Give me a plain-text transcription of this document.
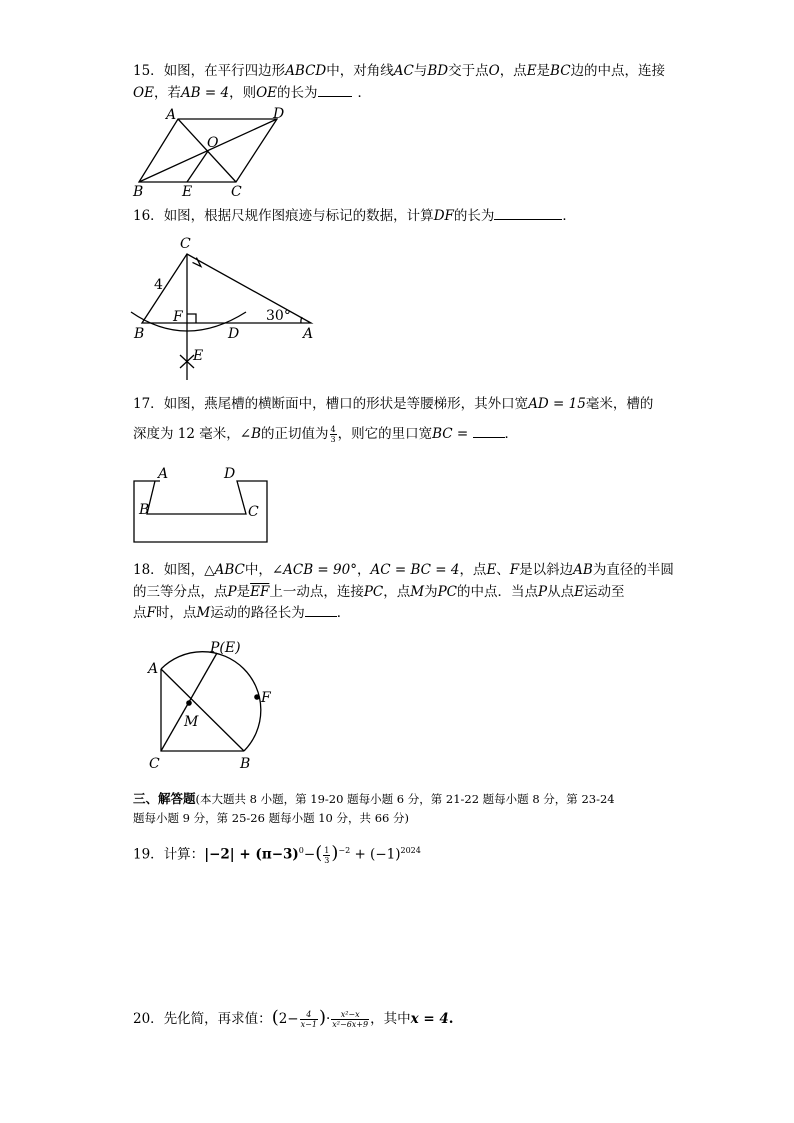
15．如图，在平行四边形ABCD中，对角线AC与BD交于点O，点E是BC边的中点，连接
OE，若AB = 4，则OE的长为	．
A	D
O
B	E	C
16．如图，根据尺规作图痕迹与标记的数据，计算DF的长为	．
C
4
F	30°
B	D	A
E
17．如图，燕尾槽的横断面中，槽口的形状是等腰梯形，其外口宽AD = 15毫米，槽的
深度为 12 毫米，∠B的正切值为 $\frac{4}{3}$ ，则它的里口宽BC = ．
A	D
B	C
18．如图，△ABC中，∠ACB = 90°，AC = BC = 4，点E、F是以斜边AB为直径的半圆
的三等分点，点P是$\overline{EF}$上一动点，连接PC，点M为PC的中点．当点P从点E运动至
点F时，点M运动的路径长为 ．
P(E)
A
F
M
C	B
三、解答题(本大题共 8 小题，第 19-20 题每小题 6 分，第 21-22 题每小题 8 分，第 23-24
题每小题 9 分，第 25-26 题每小题 10 分，共 66 分)
19．计算：$|-2| + (\pi-3)^0-( \frac{1}{3} )^{-2} + (-1)^{2024}$
20．先化简，再求值：($2- \frac{4}{x-1}$ )· $\frac{\text{x²−x}}{\text{x²−6x+9}}$ ，其中x = 4.
